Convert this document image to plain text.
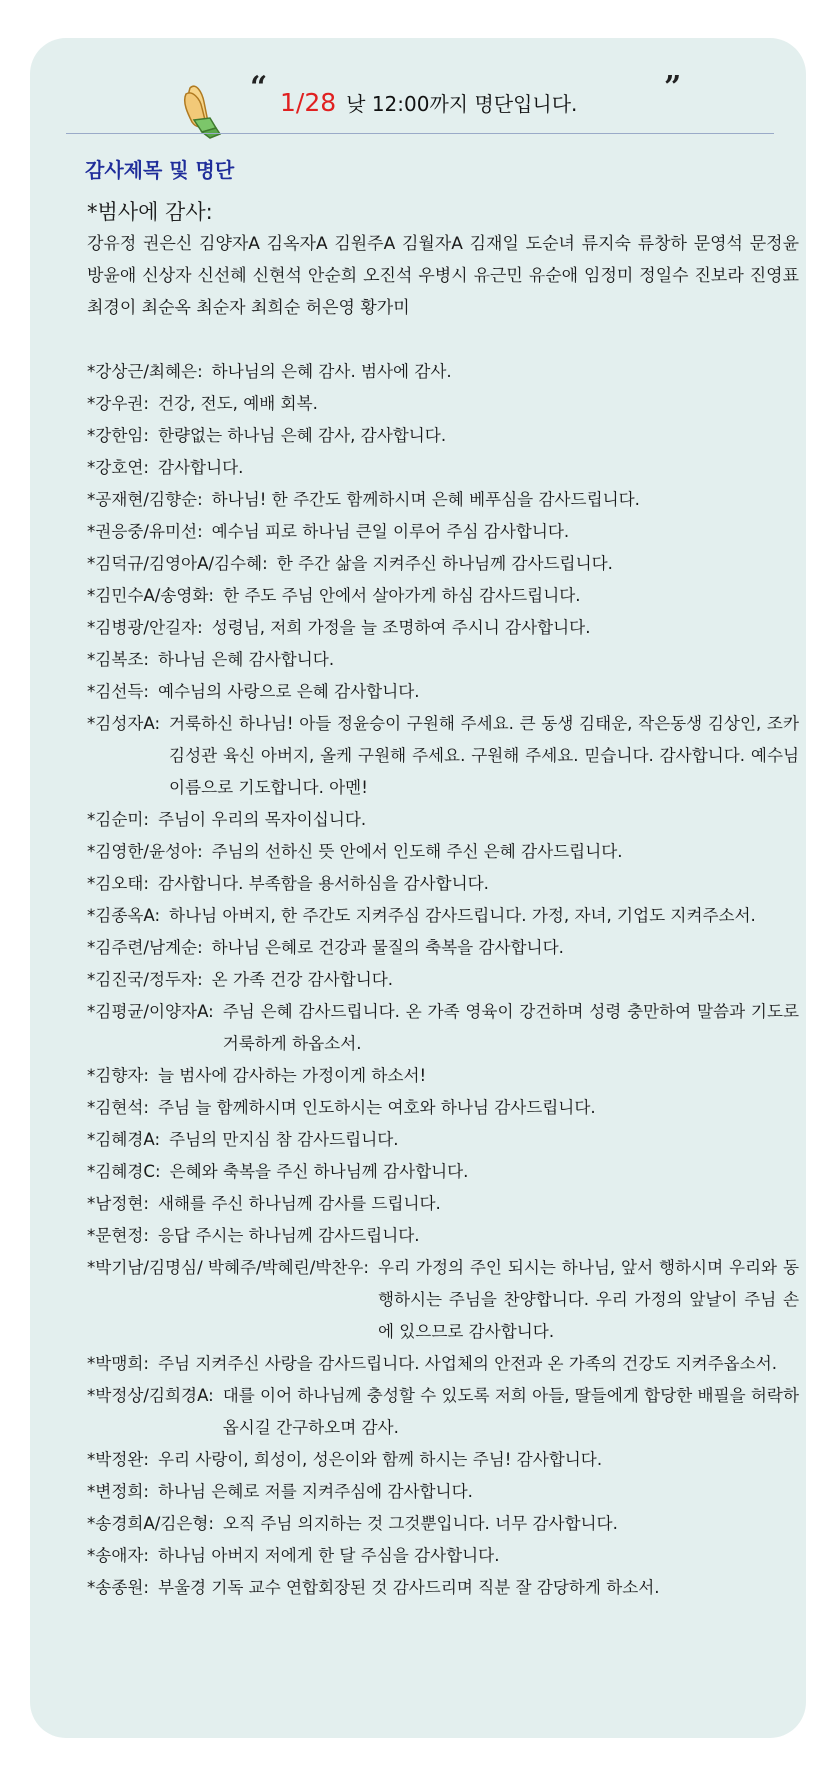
“ 1/28 낮 12:00까지 명단입니다.	”
감사제목 및 명단
*범사에 감사:
강유정 권은신 김양자A 김옥자A 김원주A 김월자A 김재일 도순녀 류지숙 류창하 문영석 문정윤 방윤애 신상자 신선혜 신현석 안순희 오진석 우병시 유근민 유순애 임정미 정일수 진보라 진영표 최경이 최순옥 최순자 최희순 허은영 황가미
*강상근/최혜은: 하나님의 은혜 감사. 범사에 감사.
*강우권: 건강, 전도, 예배 회복.
*강한임: 한량없는 하나님 은혜 감사, 감사합니다.
*강호연: 감사합니다.
*공재현/김향순: 하나님! 한 주간도 함께하시며 은혜 베푸심을 감사드립니다.
*권응중/유미선: 예수님 피로 하나님 큰일 이루어 주심 감사합니다.
*김덕규/김영아A/김수혜: 한 주간 삶을 지켜주신 하나님께 감사드립니다.
*김민수A/송영화: 한 주도 주님 안에서 살아가게 하심 감사드립니다.
*김병광/안길자: 성령님, 저희 가정을 늘 조명하여 주시니 감사합니다.
*김복조: 하나님 은혜 감사합니다.
*김선득: 예수님의 사랑으로 은혜 감사합니다.
*김성자A: 거룩하신 하나님! 아들 정윤승이 구원해 주세요. 큰 동생 김태운, 작은동생 김상인, 조카 김성관 육신 아버지, 올케 구원해 주세요. 구원해 주세요. 믿습니다. 감사합니다. 예수님 이름으로 기도합니다. 아멘!
*김순미: 주님이 우리의 목자이십니다.
*김영한/윤성아: 주님의 선하신 뜻 안에서 인도해 주신 은혜 감사드립니다.
*김오태: 감사합니다. 부족함을 용서하심을 감사합니다.
*김종옥A: 하나님 아버지, 한 주간도 지켜주심 감사드립니다. 가정, 자녀, 기업도 지켜주소서.
*김주련/남계순: 하나님 은혜로 건강과 물질의 축복을 감사합니다.
*김진국/정두자: 온 가족 건강 감사합니다.
*김평균/이양자A: 주님 은혜 감사드립니다. 온 가족 영육이 강건하며 성령 충만하여 말씀과 기도로 거룩하게 하옵소서.
*김향자: 늘 범사에 감사하는 가정이게 하소서!
*김현석: 주님 늘 함께하시며 인도하시는 여호와 하나님 감사드립니다.
*김혜경A: 주님의 만지심 참 감사드립니다.
*김혜경C: 은혜와 축복을 주신 하나님께 감사합니다.
*남정현: 새해를 주신 하나님께 감사를 드립니다.
*문현정: 응답 주시는 하나님께 감사드립니다.
*박기남/김명심/ 박혜주/박혜린/박찬우: 우리 가정의 주인 되시는 하나님, 앞서 행하시며 우리와 동행하시는 주님을 찬양합니다. 우리 가정의 앞날이 주님 손에 있으므로 감사합니다.
*박맹희: 주님 지켜주신 사랑을 감사드립니다. 사업체의 안전과 온 가족의 건강도 지켜주옵소서.
*박정상/김희경A: 대를 이어 하나님께 충성할 수 있도록 저희 아들, 딸들에게 합당한 배필을 허락하옵시길 간구하오며 감사.
*박정완: 우리 사랑이, 희성이, 성은이와 함께 하시는 주님! 감사합니다.
*변정희: 하나님 은혜로 저를 지켜주심에 감사합니다.
*송경희A/김은형: 오직 주님 의지하는 것 그것뿐입니다. 너무 감사합니다.
*송애자: 하나님 아버지 저에게 한 달 주심을 감사합니다.
*송종원: 부울경 기독 교수 연합회장된 것 감사드리며 직분 잘 감당하게 하소서.
